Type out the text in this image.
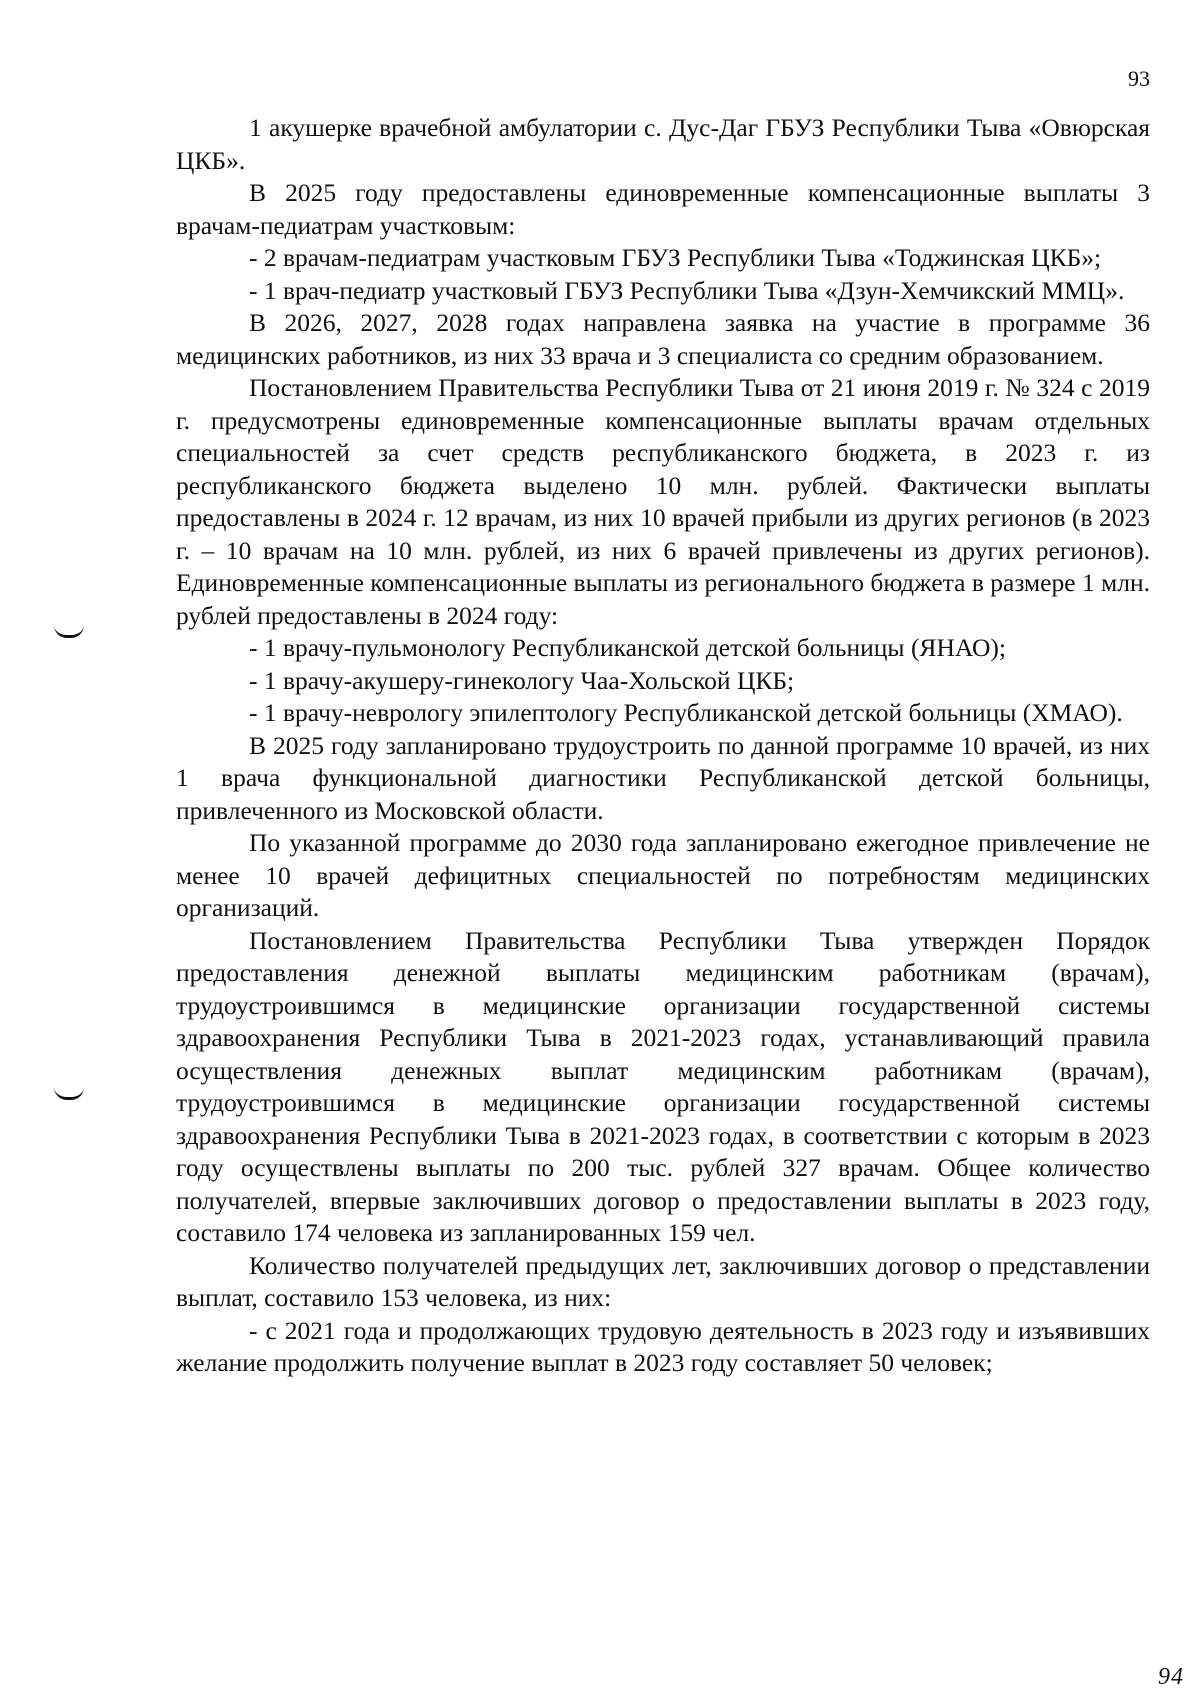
93

1 акушерке врачебной амбулатории с. Дус-Даг ГБУЗ Республики Тыва «Овюрская ЦКБ».

В 2025 году предоставлены единовременные компенсационные выплаты 3 врачам-педиатрам участковым:

- 2 врачам-педиатрам участковым ГБУЗ Республики Тыва «Тоджинская ЦКБ»;

- 1 врач-педиатр участковый ГБУЗ Республики Тыва «Дзун-Хемчикский ММЦ».

В 2026, 2027, 2028 годах направлена заявка на участие в программе 36 медицинских работников, из них 33 врача и 3 специалиста со средним образованием.

Постановлением Правительства Республики Тыва от 21 июня 2019 г. № 324 с 2019 г. предусмотрены единовременные компенсационные выплаты врачам отдельных специальностей за счет средств республиканского бюджета, в 2023 г. из республиканского бюджета выделено 10 млн. рублей. Фактически выплаты предоставлены в 2024 г. 12 врачам, из них 10 врачей прибыли из других регионов (в 2023 г. – 10 врачам на 10 млн. рублей, из них 6 врачей привлечены из других регионов). Единовременные компенсационные выплаты из регионального бюджета в размере 1 млн. рублей предоставлены в 2024 году:

- 1 врачу-пульмонологу Республиканской детской больницы (ЯНАО);

- 1 врачу-акушеру-гинекологу Чаа-Хольской ЦКБ;

- 1 врачу-неврологу эпилептологу Республиканской детской больницы (ХМАО).

В 2025 году запланировано трудоустроить по данной программе 10 врачей, из них 1 врача функциональной диагностики Республиканской детской больницы, привлеченного из Московской области.

По указанной программе до 2030 года запланировано ежегодное привлечение не менее 10 врачей дефицитных специальностей по потребностям медицинских организаций.

Постановлением Правительства Республики Тыва утвержден Порядок предоставления денежной выплаты медицинским работникам (врачам), трудоустроившимся в медицинские организации государственной системы здравоохранения Республики Тыва в 2021-2023 годах, устанавливающий правила осуществления денежных выплат медицинским работникам (врачам), трудоустроившимся в медицинские организации государственной системы здравоохранения Республики Тыва в 2021-2023 годах, в соответствии с которым в 2023 году осуществлены выплаты по 200 тыс. рублей 327 врачам. Общее количество получателей, впервые заключивших договор о предоставлении выплаты в 2023 году, составило 174 человека из запланированных 159 чел.

Количество получателей предыдущих лет, заключивших договор о представлении выплат, составило 153 человека, из них:

- с 2021 года и продолжающих трудовую деятельность в 2023 году и изъявивших желание продолжить получение выплат в 2023 году составляет 50 человек;

94
